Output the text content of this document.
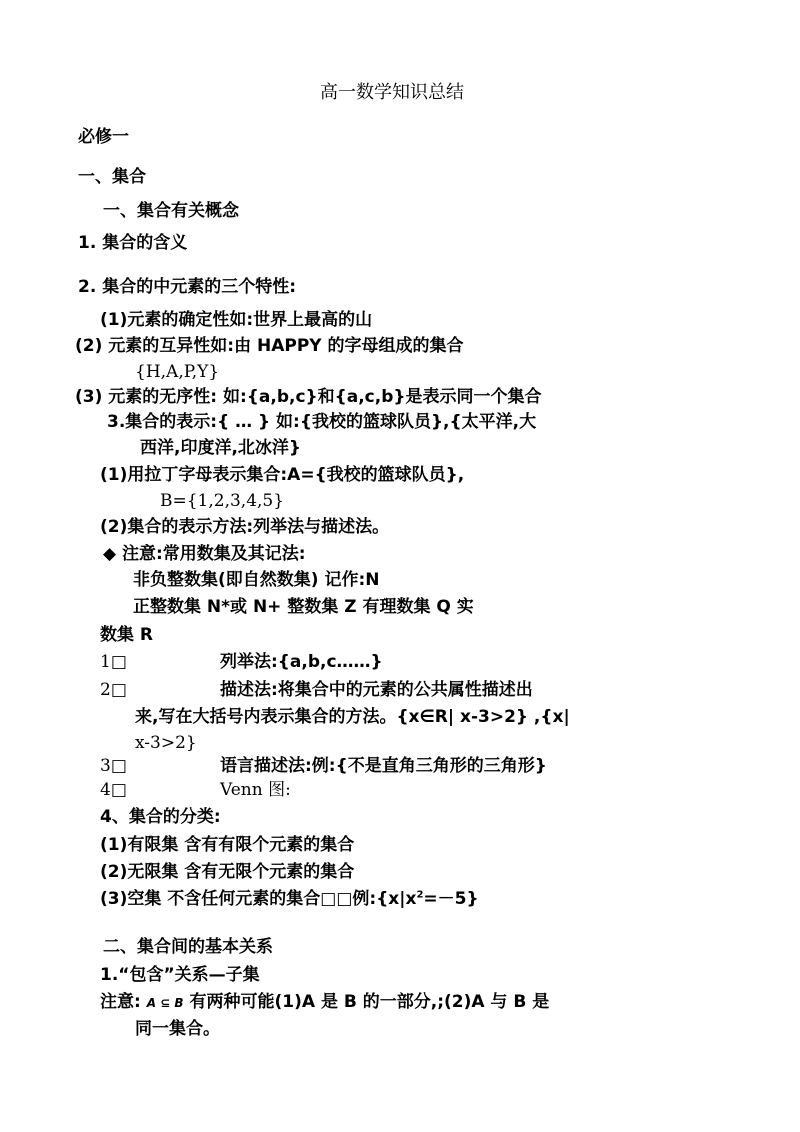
高一数学知识总结
必修一
一、集合
一、集合有关概念
1. 集合的含义
2. 集合的中元素的三个特性:
(1)元素的确定性如:世界上最高的山
(2) 元素的互异性如:由 HAPPY 的字母组成的集合
{H,A,P,Y}
(3) 元素的无序性: 如:{a,b,c}和{a,c,b}是表示同一个集合
3.集合的表示:{ … } 如:{我校的篮球队员},{太平洋,大
西洋,印度洋,北冰洋}
(1)用拉丁字母表示集合:A={我校的篮球队员},
B={1,2,3,4,5}
(2)集合的表示方法:列举法与描述法。
◆ 注意:常用数集及其记法:
非负整数集(即自然数集) 记作:N
正整数集 N*或 N+ 整数集 Z 有理数集 Q 实
数集 R
1□	列举法:{a,b,c……}
2□	描述法:将集合中的元素的公共属性描述出
来,写在大括号内表示集合的方法。{x∈R| x-3>2} ,{x|
x-3>2}
3□	语言描述法:例:{不是直角三角形的三角形}
4□	Venn 图:
4、集合的分类:
(1)有限集 含有有限个元素的集合
(2)无限集 含有无限个元素的集合
(3)空集 不含任何元素的集合□□例$:\{x|x^2=-5\}$
二、集合间的基本关系
1.“包含”关系—子集
注意: A ⊆ B 有两种可能(1)A 是 B 的一部分,;(2)A 与 B 是
同一集合。
